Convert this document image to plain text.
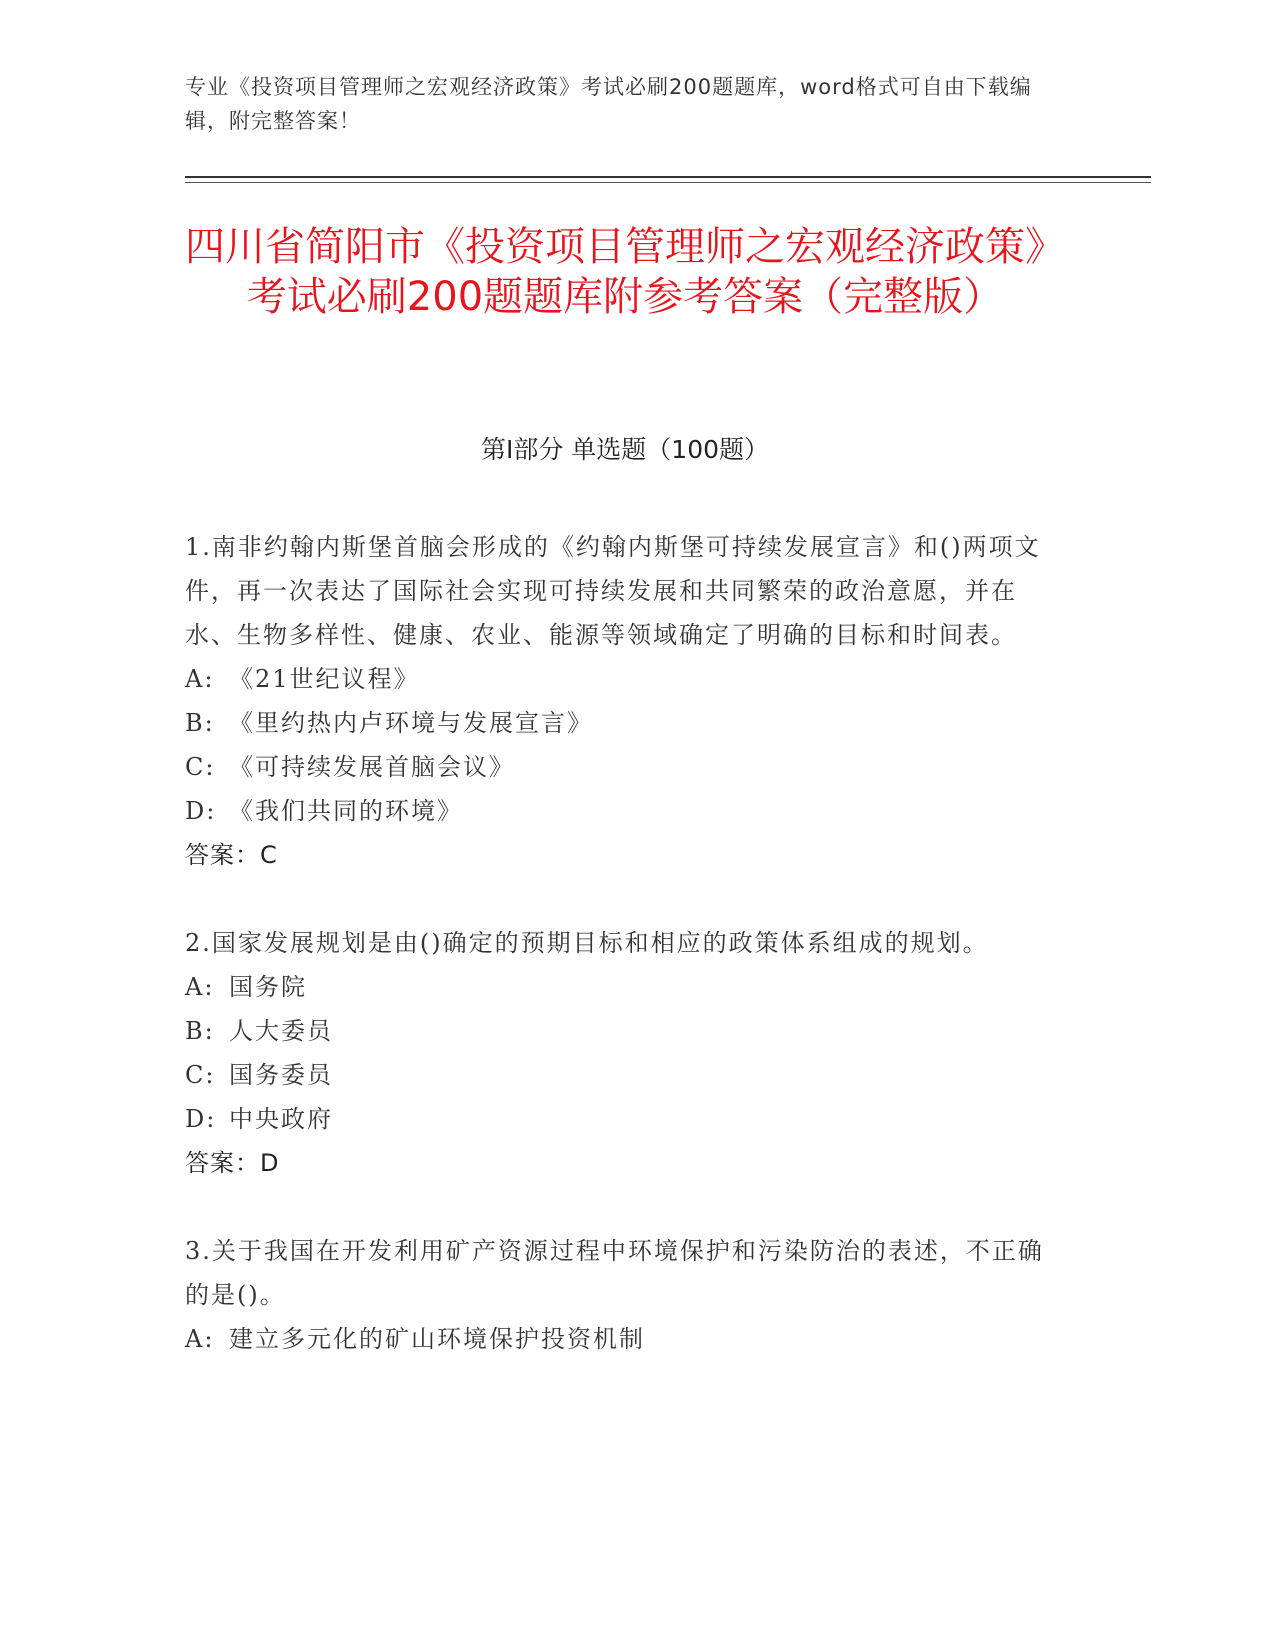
专业《投资项目管理师之宏观经济政策》考试必刷200题题库，word格式可自由下载编辑，附完整答案！
四川省简阳市《投资项目管理师之宏观经济政策》考试必刷200题题库附参考答案（完整版）
第I部分 单选题（100题）

1.南非约翰内斯堡首脑会形成的《约翰内斯堡可持续发展宣言》和()两项文件，再一次表达了国际社会实现可持续发展和共同繁荣的政治意愿，并在水、生物多样性、健康、农业、能源等领域确定了明确的目标和时间表。

A: 《21世纪议程》
B: 《里约热内卢环境与发展宣言》
C: 《可持续发展首脑会议》
D: 《我们共同的环境》
答案：C

2.国家发展规划是由()确定的预期目标和相应的政策体系组成的规划。

A: 国务院
B: 人大委员
C: 国务委员
D: 中央政府
答案：D

3.关于我国在开发利用矿产资源过程中环境保护和污染防治的表述，不正确的是()。

A: 建立多元化的矿山环境保护投资机制
